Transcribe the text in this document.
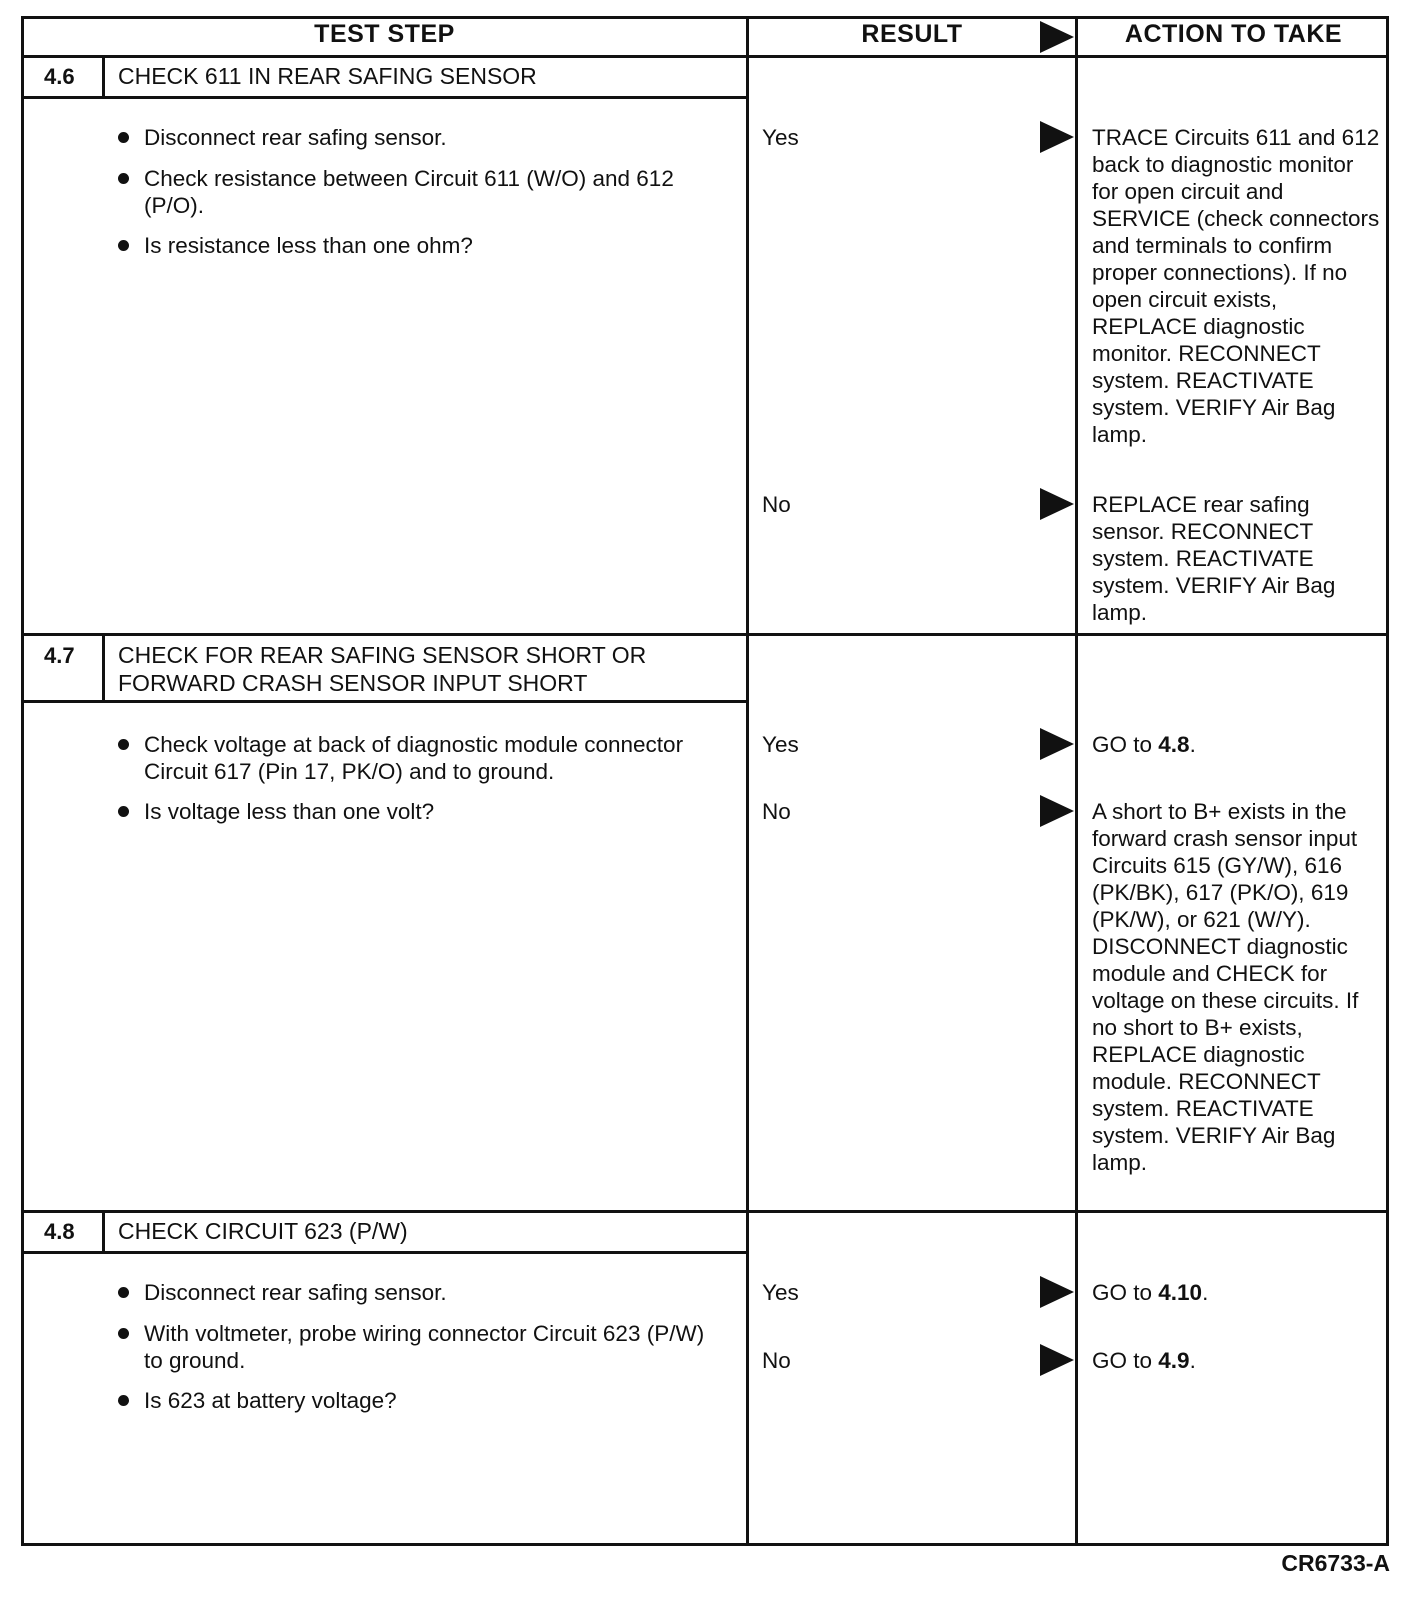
TEST STEP	RESULT	ACTION TO TAKE
4.6 CHECK 611 IN REAR SAFING SENSOR
Disconnect rear safing sensor.
Check resistance between Circuit 611 (W/O) and 612 (P/O).
Is resistance less than one ohm?
Yes	TRACE Circuits 611 and 612 back to diagnostic monitor for open circuit and SERVICE (check connectors and terminals to confirm proper connections). If no open circuit exists, REPLACE diagnostic monitor. RECONNECT system. REACTIVATE system. VERIFY Air Bag lamp.
No	REPLACE rear safing sensor. RECONNECT system. REACTIVATE system. VERIFY Air Bag lamp.
4.7 CHECK FOR REAR SAFING SENSOR SHORT OR FORWARD CRASH SENSOR INPUT SHORT
Check voltage at back of diagnostic module connector Circuit 617 (Pin 17, PK/O) and to ground.
Is voltage less than one volt?
Yes	GO to 4.8.
No	A short to B+ exists in the forward crash sensor input Circuits 615 (GY/W), 616 (PK/BK), 617 (PK/O), 619 (PK/W), or 621 (W/Y). DISCONNECT diagnostic module and CHECK for voltage on these circuits. If no short to B+ exists, REPLACE diagnostic module. RECONNECT system. REACTIVATE system. VERIFY Air Bag lamp.
4.8 CHECK CIRCUIT 623 (P/W)
Disconnect rear safing sensor.
With voltmeter, probe wiring connector Circuit 623 (P/W) to ground.
Is 623 at battery voltage?
Yes	GO to 4.10.
No	GO to 4.9.
CR6733-A
